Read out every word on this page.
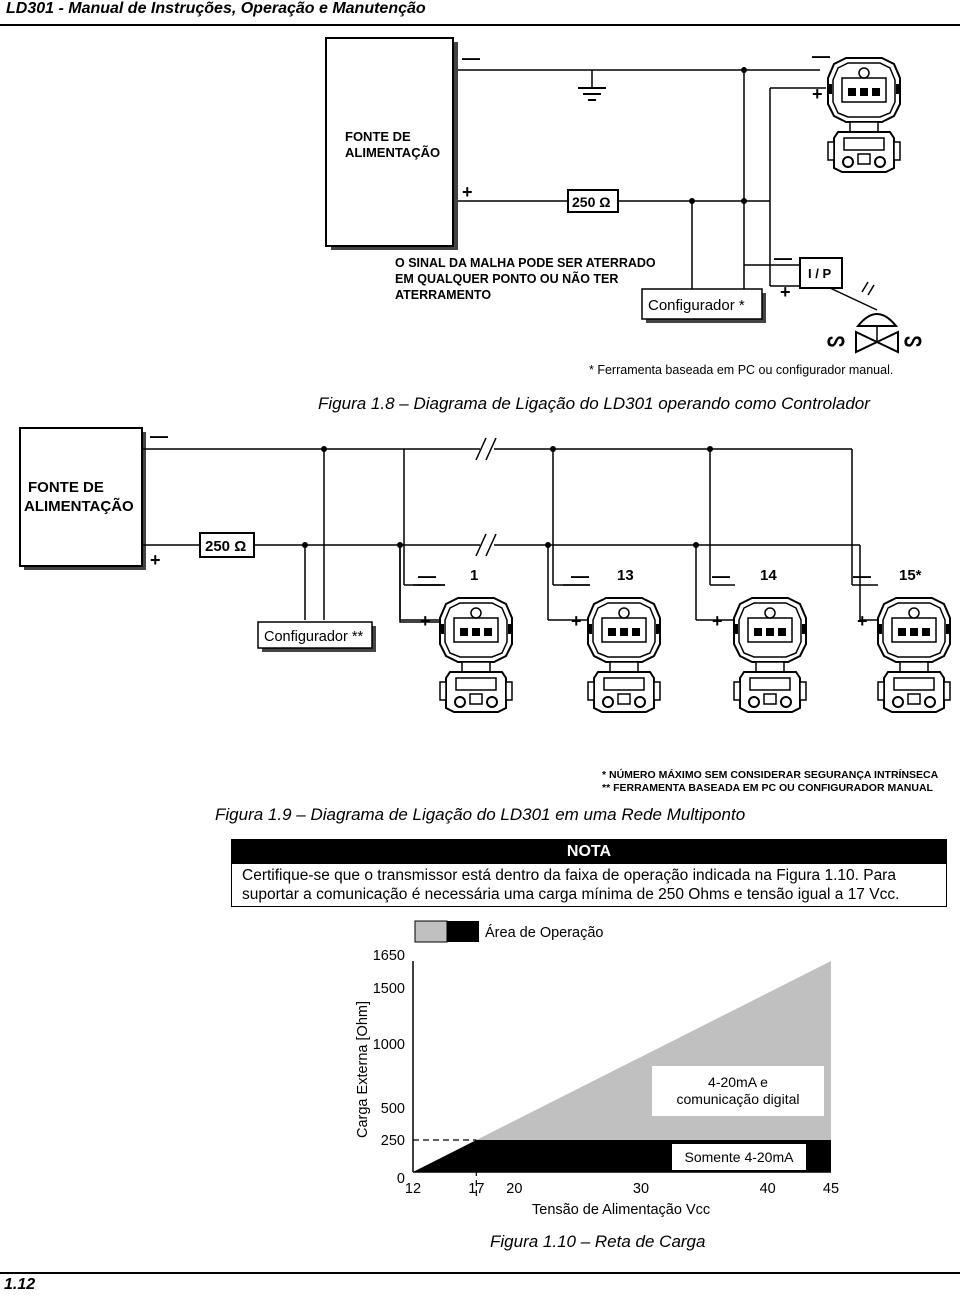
LD301 - Manual de Instruções, Operação e Manutenção
FONTE DE
ALIMENTAÇÃO
—	—
+	250 Ω
+
—
+
I / P
ᔕ	ᔕ
Configurador *
O SINAL DA MALHA PODE SER ATERRADO
EM QUALQUER PONTO OU NÃO TER
ATERRAMENTO
* Ferramenta baseada em PC ou configurador manual.
Figura 1.8 – Diagrama de Ligação do LD301 operando como Controlador
FONTE DE
ALIMENTAÇÃO
—
+
250 Ω
—
+
—
+
—
+
—
+
1	13	14	15*
Configurador **
* NÚMERO MÁXIMO SEM CONSIDERAR SEGURANÇA INTRÍNSECA
** FERRAMENTA BASEADA EM PC OU CONFIGURADOR MANUAL
Figura 1.9 – Diagrama de Ligação do LD301 em uma Rede Multiponto
Área de Operação
0
250
500
1000
1500
1650
12	17 20	30	40	45
Tensão de Alimentação Vcc
Carga Externa [Ohm]	4-20mA e
comunicação digital
Somente 4-20mA
Figura 1.10 – Reta de Carga
NOTA
Certifique-se que o transmissor está dentro da faixa de operação indicada na Figura 1.10. Para suportar a comunicação é necessária uma carga mínima de 250 Ohms e tensão igual a 17 Vcc.
1.12
